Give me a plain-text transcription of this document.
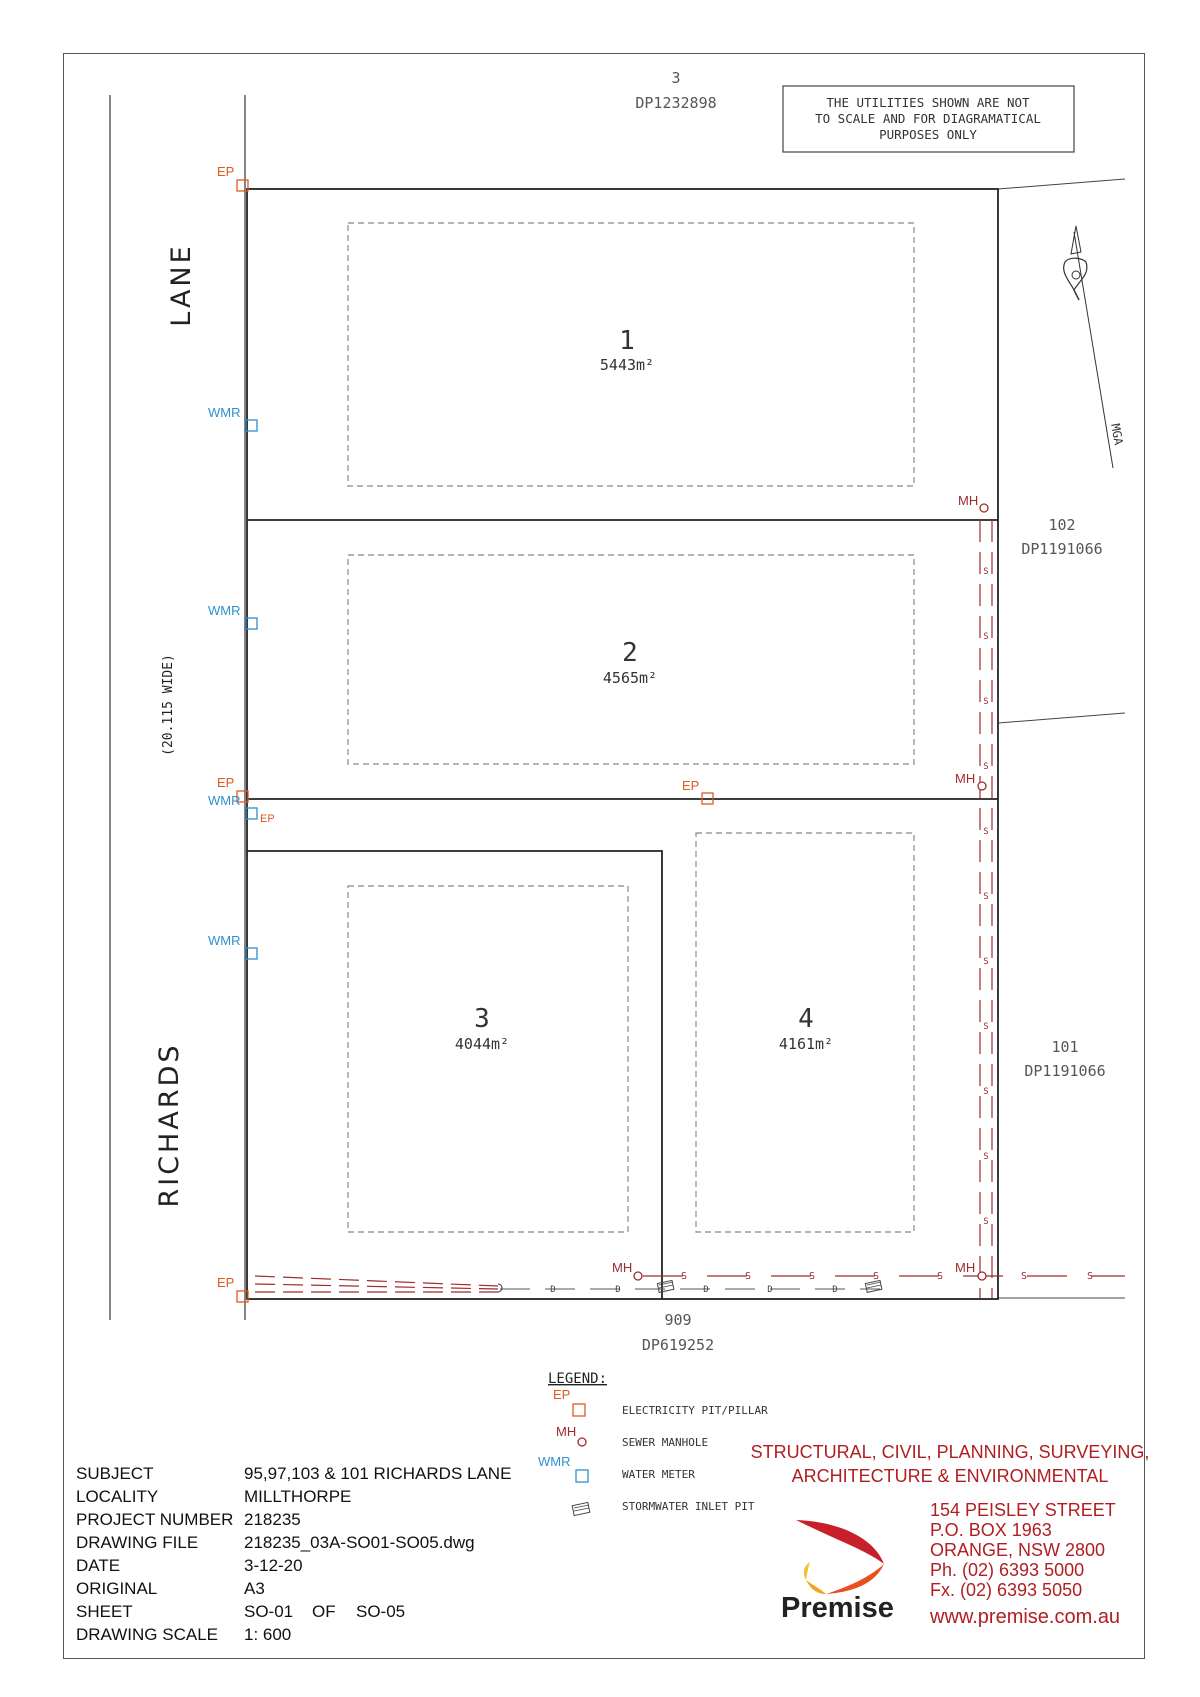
LANE
RICHARDS
(20.115 WIDE)
THE UTILITIES SHOWN ARE NOT
TO SCALE AND FOR DIAGRAMATICAL
PURPOSES ONLY
3
DP1232898
102
DP1191066
101
DP1191066
909
DP619252
MGA
1
5443m²
2
4565m²
3
4044m²
4
4161m²
S
S
S
S
S
S
S
S
S
S
S
S	S	S	S	S	S	S
D	D	D	D	D
MH
MH
MH	MH
EP
EP
EP
EP
EP
WMR
WMR
WMR
WMR
LEGEND:
EP
ELECTRICITY PIT/PILLAR
MH
SEWER MANHOLE
WMR
WATER METER
STORMWATER INLET PIT
SUBJECT	95,97,103 & 101 RICHARDS LANE
LOCALITY	MILLTHORPE
PROJECT NUMBER 218235
DRAWING FILE	218235_03A-SO01-SO05.dwg
DATE	3-12-20
ORIGINAL	A3
SHEET	SO-01	OF	SO-05
DRAWING SCALE	1: 600
STRUCTURAL, CIVIL, PLANNING, SURVEYING,
ARCHITECTURE & ENVIRONMENTAL
Premise
154 PEISLEY STREET
P.O. BOX 1963
ORANGE, NSW 2800
Ph. (02) 6393 5000
Fx. (02) 6393 5050
www.premise.com.au
